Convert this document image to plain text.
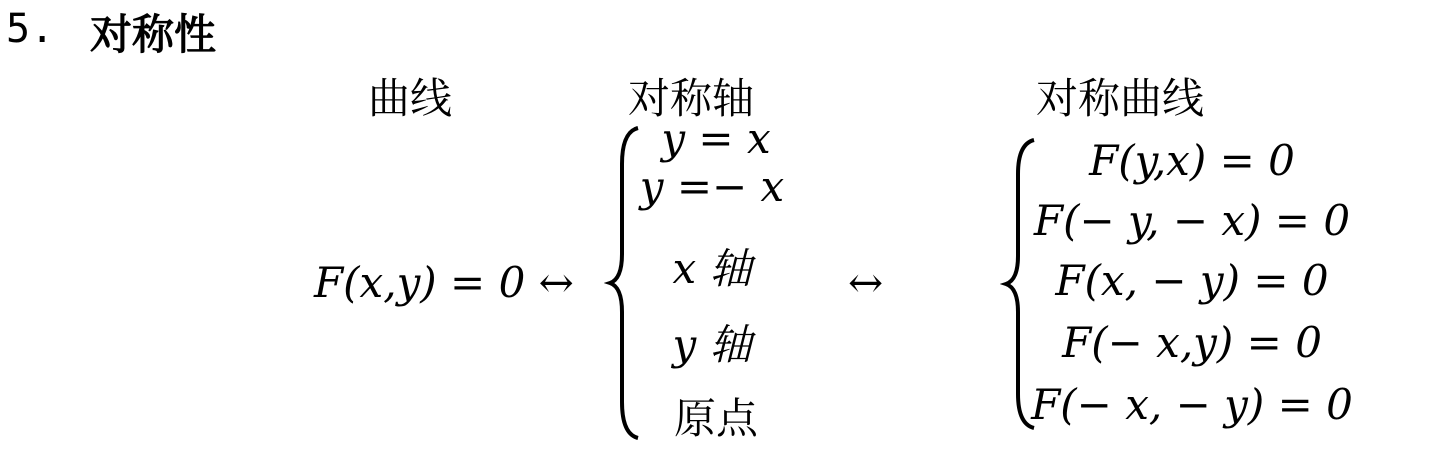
5. 对称性
曲线	对称轴	对称曲线
F(x,y) = 0 ↔
y = x
y =− x
x 轴
y 轴
原点
↔
F(y,x) = 0
F(− y, − x) = 0
F(x, − y) = 0
F(− x,y) = 0
F(− x, − y) = 0
